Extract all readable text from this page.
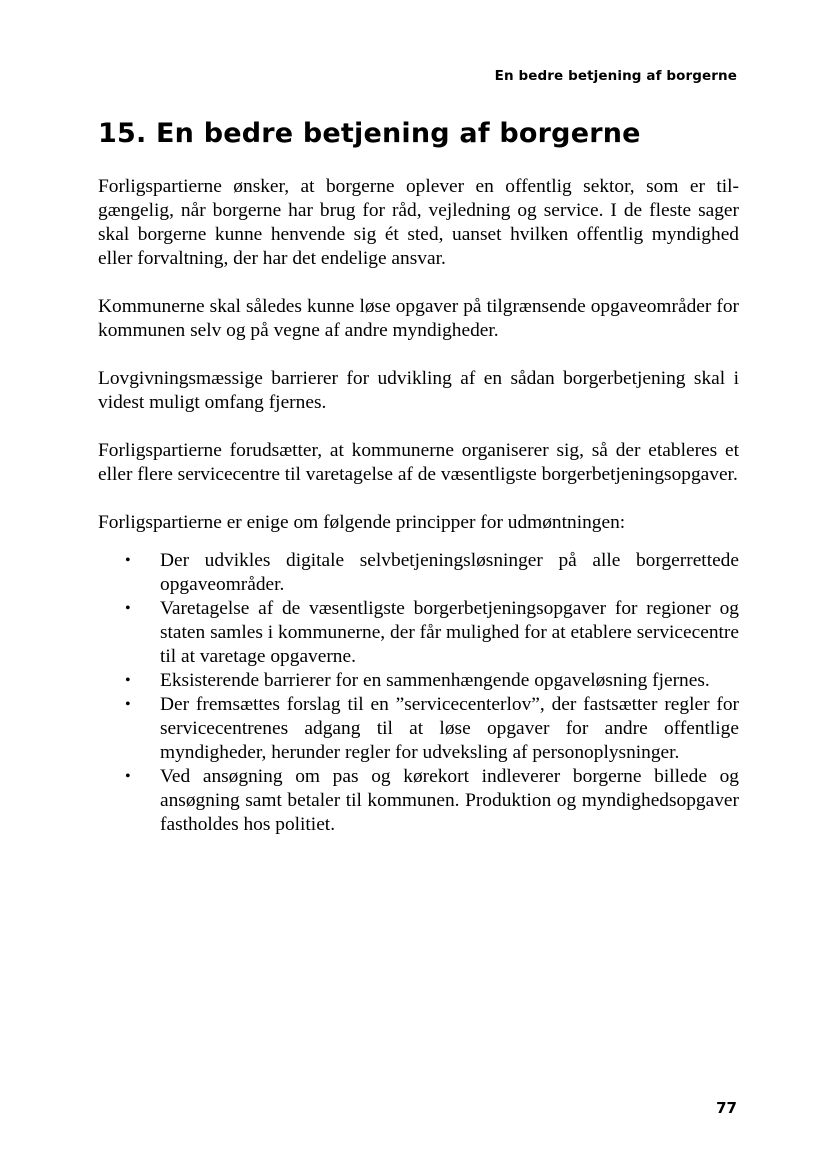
En bedre betjening af borgerne
15. En bedre betjening af borgerne

Forligspartierne ønsker, at borgerne oplever en offentlig sektor, som er tilgængelig, når borgerne har brug for råd, vejledning og service. I de fleste sager skal borgerne kunne henvende sig ét sted, uanset hvilken offentlig myndighed eller forvaltning, der har det endelige ansvar.

Kommunerne skal således kunne løse opgaver på tilgrænsende opgaveområder for kommunen selv og på vegne af andre myndigheder.

Lovgivningsmæssige barrierer for udvikling af en sådan borgerbetjening skal i videst muligt omfang fjernes.

Forligspartierne forudsætter, at kommunerne organiserer sig, så der etableres et eller flere servicecentre til varetagelse af de væsentligste borgerbetjeningsopgaver.

Forligspartierne er enige om følgende principper for udmøntningen:

• Der udvikles digitale selvbetjeningsløsninger på alle borgerrettede opgaveområder.
• Varetagelse af de væsentligste borgerbetjeningsopgaver for regioner og staten samles i kommunerne, der får mulighed for at etablere servicecentre til at varetage opgaverne.
• Eksisterende barrierer for en sammenhængende opgaveløsning fjernes.
• Der fremsættes forslag til en ”servicecenterlov”, der fastsætter regler for servicecentrenes adgang til at løse opgaver for andre offentlige myndigheder, herunder regler for udveksling af personoplysninger.
• Ved ansøgning om pas og kørekort indleverer borgerne billede og ansøgning samt betaler til kommunen. Produktion og myndighedsopgaver fastholdes hos politiet.
77
